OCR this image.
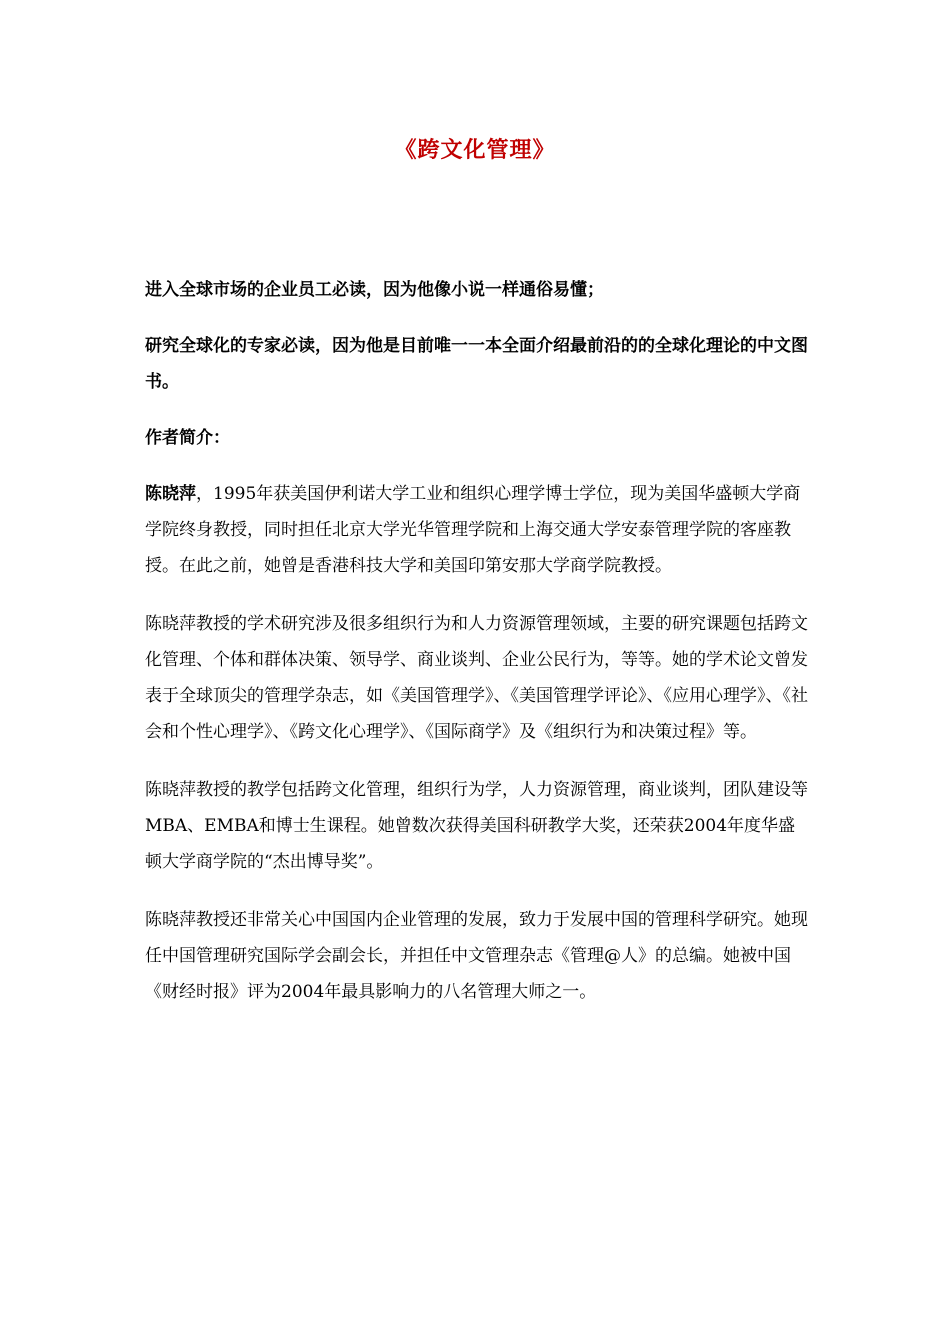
《跨文化管理》

进入全球市场的企业员工必读，因为他像小说一样通俗易懂；

研究全球化的专家必读，因为他是目前唯一一本全面介绍最前沿的的全球化理论的中文图书。

作者简介：

陈晓萍，1995年获美国伊利诺大学工业和组织心理学博士学位，现为美国华盛顿大学商学院终身教授，同时担任北京大学光华管理学院和上海交通大学安泰管理学院的客座教授。在此之前，她曾是香港科技大学和美国印第安那大学商学院教授。

陈晓萍教授的学术研究涉及很多组织行为和人力资源管理领域，主要的研究课题包括跨文化管理、个体和群体决策、领导学、商业谈判、企业公民行为，等等。她的学术论文曾发表于全球顶尖的管理学杂志，如《美国管理学》、《美国管理学评论》、《应用心理学》、《社会和个性心理学》、《跨文化心理学》、《国际商学》及《组织行为和决策过程》等。

陈晓萍教授的教学包括跨文化管理，组织行为学，人力资源管理，商业谈判，团队建设等MBA、EMBA和博士生课程。她曾数次获得美国科研教学大奖，还荣获2004年度华盛顿大学商学院的“杰出博导奖”。

陈晓萍教授还非常关心中国国内企业管理的发展，致力于发展中国的管理科学研究。她现任中国管理研究国际学会副会长，并担任中文管理杂志《管理@人》的总编。她被中国《财经时报》评为2004年最具影响力的八名管理大师之一。
